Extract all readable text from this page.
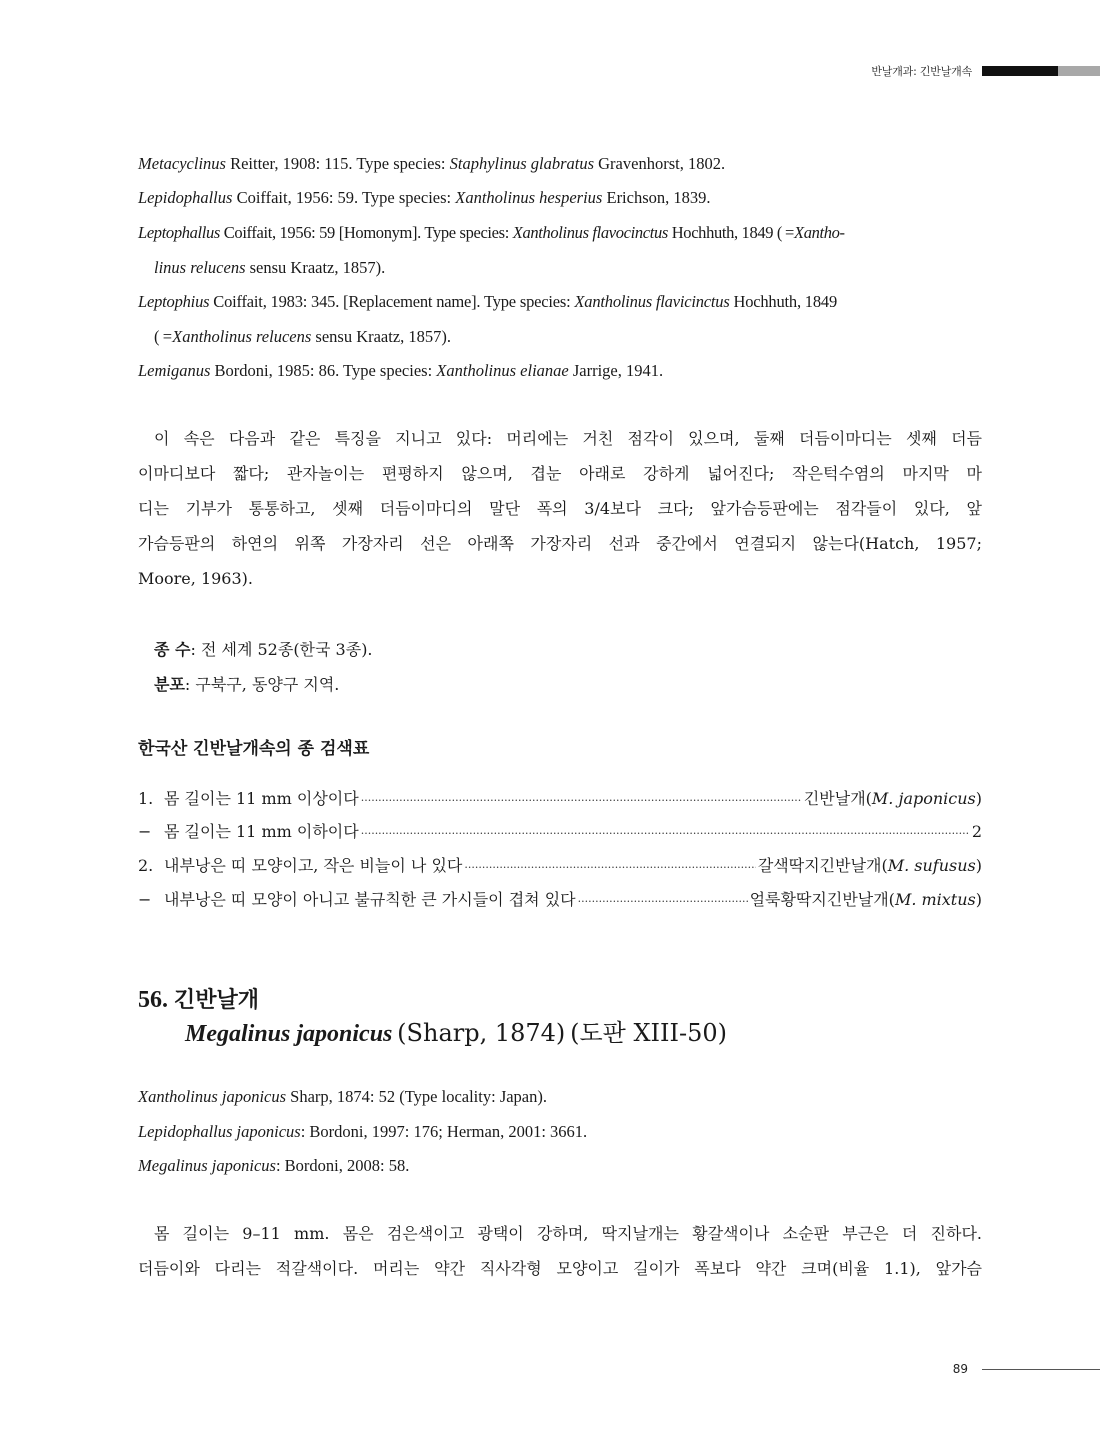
반날개과: 긴반날개속
Metacyclinus Reitter, 1908: 115. Type species: Staphylinus glabratus Gravenhorst, 1802.
Lepidophallus Coiffait, 1956: 59. Type species: Xantholinus hesperius Erichson, 1839.
Leptophallus Coiffait, 1956: 59 [Homonym]. Type species: Xantholinus flavocinctus Hochhuth, 1849 ( =Xantho-
linus relucens sensu Kraatz, 1857).
Leptophius Coiffait, 1983: 345. [Replacement name]. Type species: Xantholinus flavicinctus Hochhuth, 1849
( =Xantholinus relucens sensu Kraatz, 1857).
Lemiganus Bordoni, 1985: 86. Type species: Xantholinus elianae Jarrige, 1941.
 이 속은 다음과 같은 특징을 지니고 있다: 머리에는 거친 점각이 있으며, 둘째 더듬이마디는 셋째 더듬
이마디보다 짧다; 관자놀이는 편평하지 않으며, 겹눈 아래로 강하게 넓어진다; 작은턱수염의 마지막 마
디는 기부가 통통하고, 셋째 더듬이마디의 말단 폭의 3/4보다 크다; 앞가슴등판에는 점각들이 있다, 앞
가슴등판의 하연의 위쪽 가장자리 선은 아래쪽 가장자리 선과 중간에서 연결되지 않는다(Hatch, 1957;
Moore, 1963).
종 수: 전 세계 52종(한국 3종).
분포: 구북구, 동양구 지역.
한국산 긴반날개속의 종 검색표
1. 몸 길이는 11 mm 이상이다 ·····	긴반날개(M. japonicus)
− 몸 길이는 11 mm 이하이다 ·····	2
2. 내부낭은 띠 모양이고, 작은 비늘이 나 있다 ·····	갈색딱지긴반날개(M. sufusus)
− 내부낭은 띠 모양이 아니고 불규칙한 큰 가시들이 겹쳐 있다 ·····	얼룩황딱지긴반날개(M. mixtus)
56. 긴반날개
Megalinus japonicus (Sharp, 1874) (도판 XIII-50)
Xantholinus japonicus Sharp, 1874: 52 (Type locality: Japan).
Lepidophallus japonicus: Bordoni, 1997: 176; Herman, 2001: 3661.
Megalinus japonicus: Bordoni, 2008: 58.
 몸 길이는 9–11 mm. 몸은 검은색이고 광택이 강하며, 딱지날개는 황갈색이나 소순판 부근은 더 진하다.
더듬이와 다리는 적갈색이다. 머리는 약간 직사각형 모양이고 길이가 폭보다 약간 크며(비율 1.1), 앞가슴
89
